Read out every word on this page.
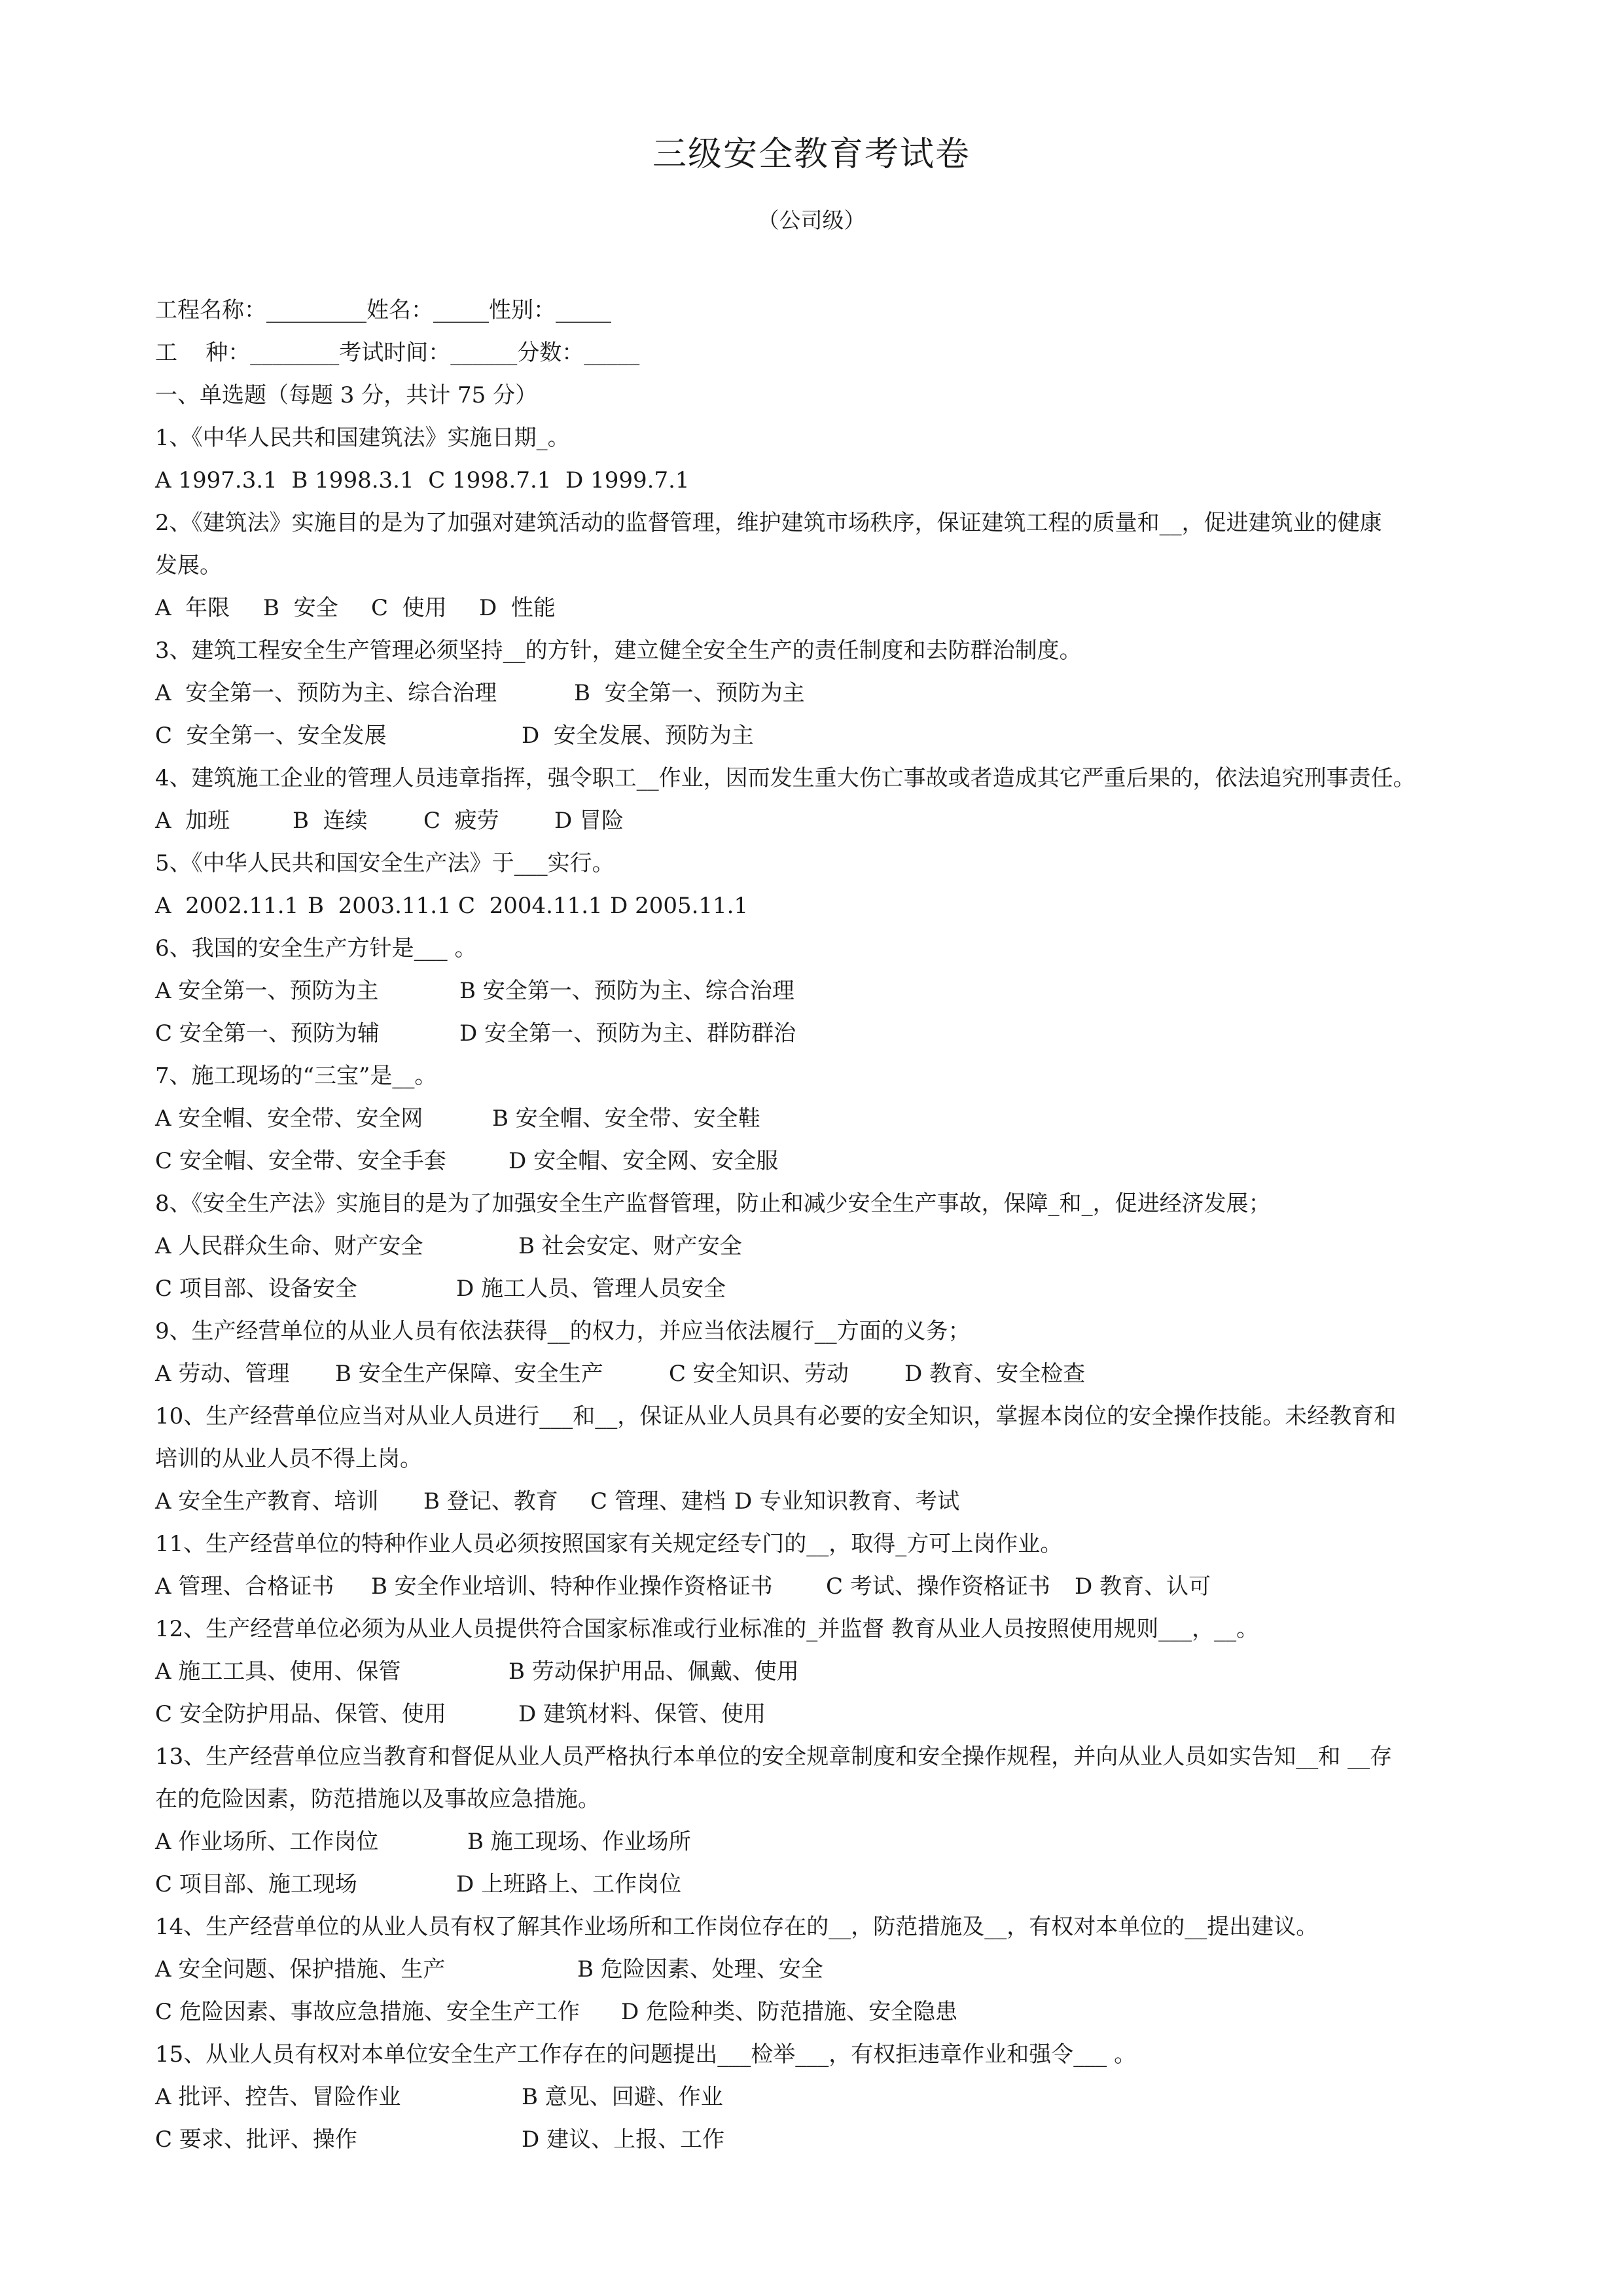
三级安全教育考试卷
（公司级）
工程名称：_________姓名：_____性别：_____
工    种：________考试时间：______分数：_____
一、单选题（每题 3 分，共计 75 分）
1、《中华人民共和国建筑法》实施日期_。
A 1997.3.1  B 1998.3.1  C 1998.7.1  D 1999.7.1
2、《建筑法》实施目的是为了加强对建筑活动的监督管理，维护建筑市场秩序，保证建筑工程的质量和__，促进建筑业的健康
发展。
A  年限 B  安全 C  使用 D  性能
3、建筑工程安全生产管理必须坚持__的方针，建立健全安全生产的责任制度和去防群治制度。
A  安全第一、预防为主、综合治理	B  安全第一、预防为主
C  安全第一、安全发展	D  安全发展、预防为主
4、建筑施工企业的管理人员违章指挥，强令职工__作业，因而发生重大伤亡事故或者造成其它严重后果的，依法追究刑事责任。
A  加班	B  连续	C  疲劳 D 冒险
5、《中华人民共和国安全生产法》于___实行。
A  2002.11.1 B  2003.11.1 C  2004.11.1 D 2005.11.1
6、我国的安全生产方针是___ 。
A 安全第一、预防为主	B 安全第一、预防为主、综合治理
C 安全第一、预防为辅	D 安全第一、预防为主、群防群治
7、施工现场的“三宝”是__。
A 安全帽、安全带、安全网	B 安全帽、安全带、安全鞋
C 安全帽、安全带、安全手套	D 安全帽、安全网、安全服
8、《安全生产法》实施目的是为了加强安全生产监督管理，防止和减少安全生产事故，保障_和_，促进经济发展；
A 人民群众生命、财产安全	B 社会安定、财产安全
C 项目部、设备安全	D 施工人员、管理人员安全
9、生产经营单位的从业人员有依法获得__的权力，并应当依法履行__方面的义务；
A 劳动、管理 B 安全生产保障、安全生产	C 安全知识、劳动	D 教育、安全检查
10、生产经营单位应当对从业人员进行___和__，保证从业人员具有必要的安全知识，掌握本岗位的安全操作技能。未经教育和
培训的从业人员不得上岗。
A 安全生产教育、培训 B 登记、教育 C 管理、建档 D 专业知识教育、考试
11、生产经营单位的特种作业人员必须按照国家有关规定经专门的__，取得_方可上岗作业。
A 管理、合格证书 B 安全作业培训、特种作业操作资格证书 C 考试、操作资格证书 D 教育、认可
12、生产经营单位必须为从业人员提供符合国家标准或行业标准的_并监督 教育从业人员按照使用规则___，__。
A 施工工具、使用、保管	B 劳动保护用品、佩戴、使用
C 安全防护用品、保管、使用	D 建筑材料、保管、使用
13、生产经营单位应当教育和督促从业人员严格执行本单位的安全规章制度和安全操作规程，并向从业人员如实告知__和 __存
在的危险因素，防范措施以及事故应急措施。
A 作业场所、工作岗位	B 施工现场、作业场所
C 项目部、施工现场	D 上班路上、工作岗位
14、生产经营单位的从业人员有权了解其作业场所和工作岗位存在的__，防范措施及__，有权对本单位的__提出建议。
A 安全问题、保护措施、生产	B 危险因素、处理、安全
C 危险因素、事故应急措施、安全生产工作 D 危险种类、防范措施、安全隐患
15、从业人员有权对本单位安全生产工作存在的问题提出___检举___，有权拒违章作业和强令___ 。
A 批评、控告、冒险作业	B 意见、回避、作业
C 要求、批评、操作	D 建议、上报、工作
